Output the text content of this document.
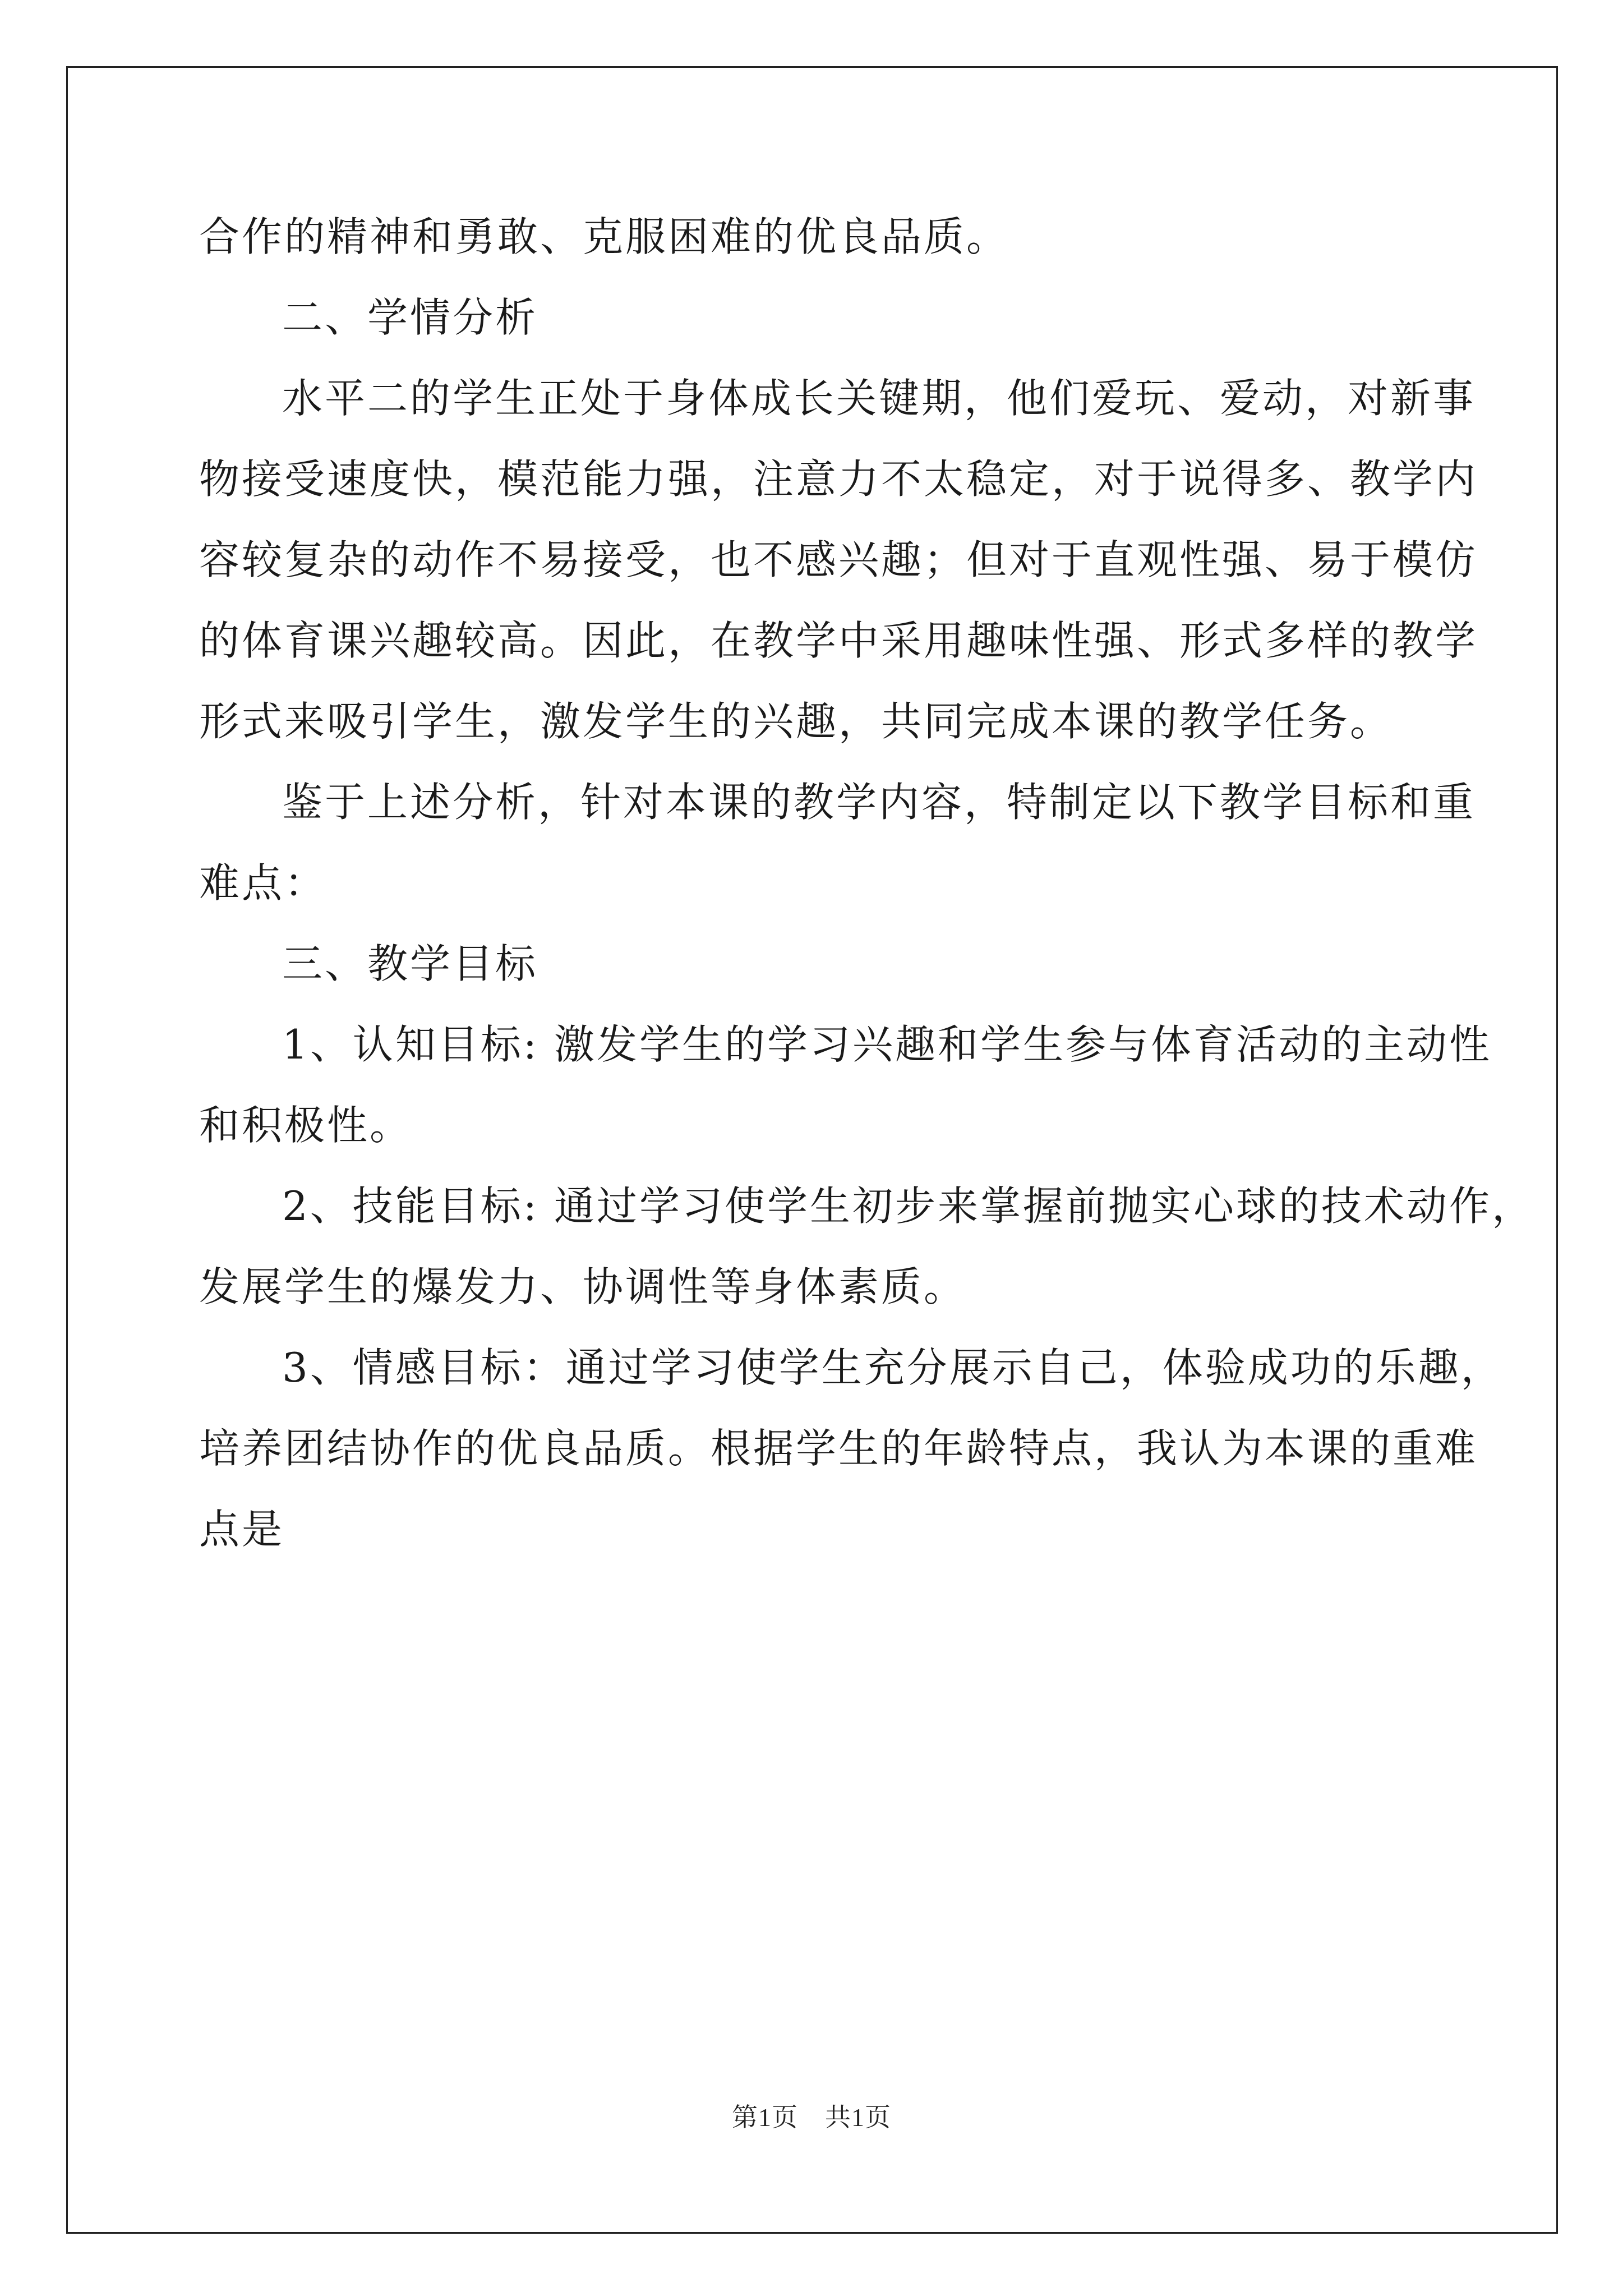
合作的精神和勇敢、克服困难的优良品质。

二、学情分析

水平二的学生正处于身体成长关键期，他们爱玩、爱动，对新事
物接受速度快，模范能力强，注意力不太稳定，对于说得多、教学内
容较复杂的动作不易接受，也不感兴趣；但对于直观性强、易于模仿
的体育课兴趣较高。因此，在教学中采用趣味性强、形式多样的教学
形式来吸引学生，激发学生的兴趣，共同完成本课的教学任务。

鉴于上述分析，针对本课的教学内容，特制定以下教学目标和重
难点：

三、教学目标

1、认知目标: 激发学生的学习兴趣和学生参与体育活动的主动性
和积极性。

2、技能目标: 通过学习使学生初步来掌握前抛实心球的技术动作，
发展学生的爆发力、协调性等身体素质。

3、情感目标：通过学习使学生充分展示自己，体验成功的乐趣，
培养团结协作的优良品质。根据学生的年龄特点，我认为本课的重难
点是

第1页 共1页
